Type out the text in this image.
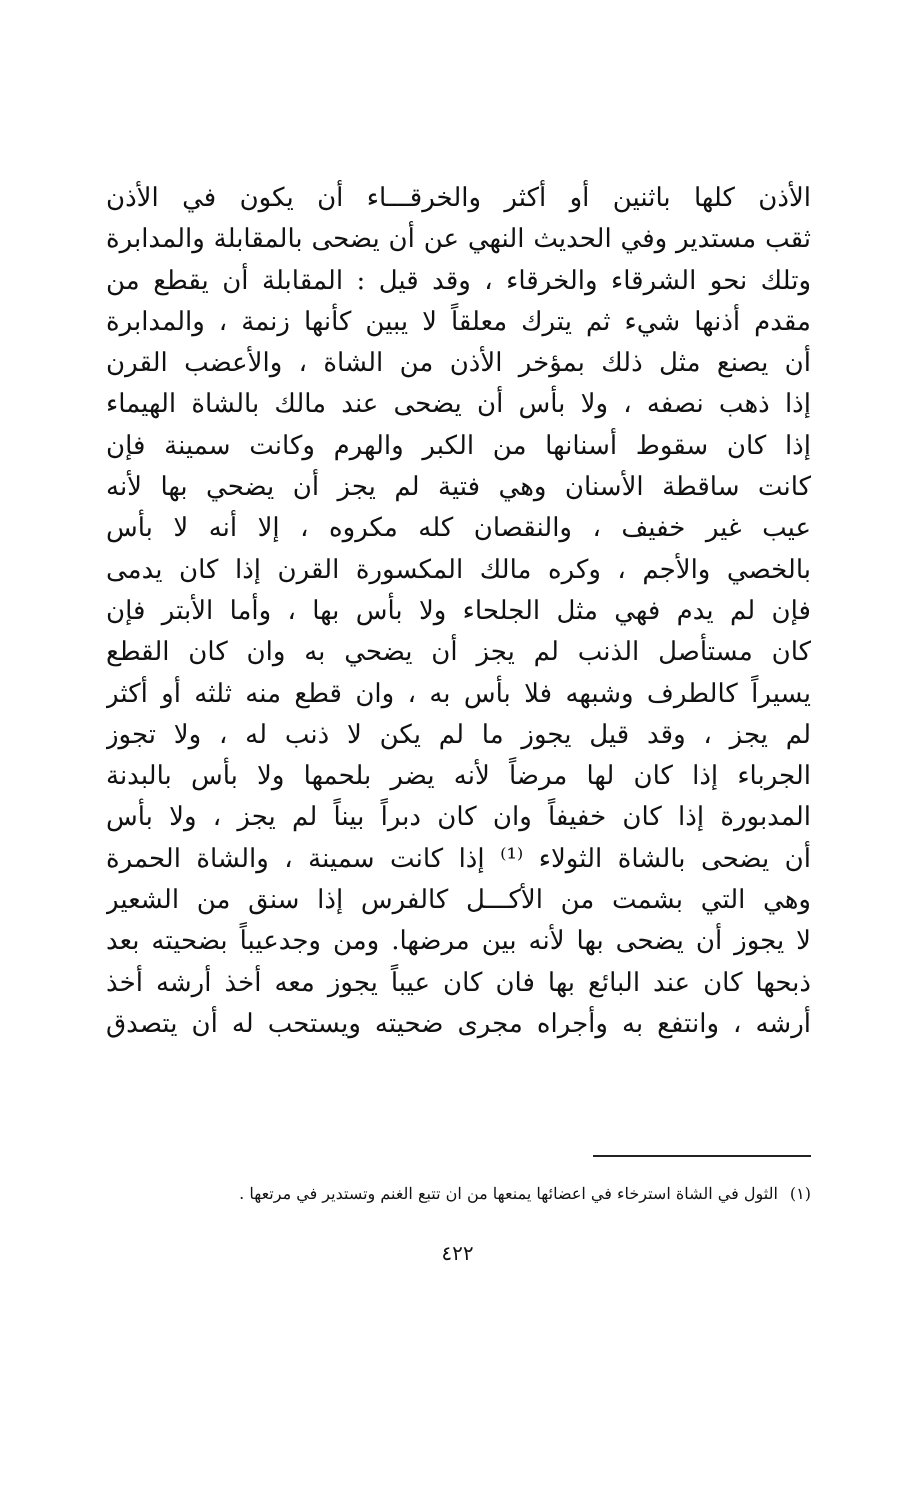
الأذن كلها باثنين أو أكثر والخرقـــاء أن يكون في الأذن
ثقب مستدير وفي الحديث النهي عن أن يضحى بالمقابلة والمدابرة
وتلك نحو الشرقاء والخرقاء ، وقد قيل : المقابلة أن يقطع من
مقدم أذنها شيء ثم يترك معلقاً لا يبين كأنها زنمة ، والمدابرة
أن يصنع مثل ذلك بمؤخر الأذن من الشاة ، والأعضب القرن
إذا ذهب نصفه ، ولا بأس أن يضحى عند مالك بالشاة الهيماء
إذا كان سقوط أسنانها من الكبر والهرم وكانت سمينة فإن
كانت ساقطة الأسنان وهي فتية لم يجز أن يضحي بها لأنه
عيب غير خفيف ، والنقصان كله مكروه ، إلا أنه لا بأس
بالخصي والأجم ، وكره مالك المكسورة القرن إذا كان يدمى
فإن لم يدم فهي مثل الجلحاء ولا بأس بها ، وأما الأبتر فإن
كان مستأصل الذنب لم يجز أن يضحي به وان كان القطع
يسيراً كالطرف وشبهه فلا بأس به ، وان قطع منه ثلثه أو أكثر
لم يجز ، وقد قيل يجوز ما لم يكن لا ذنب له ، ولا تجوز
الجرباء إذا كان لها مرضاً لأنه يضر بلحمها ولا بأس بالبدنة
المدبورة إذا كان خفيفاً وان كان دبراً بيناً لم يجز ، ولا بأس
أن يضحى بالشاة الثولاء ⁽¹⁾ إذا كانت سمينة ، والشاة الحمرة
وهي التي بشمت من الأكـــل كالفرس إذا سنق من الشعير
لا يجوز أن يضحى بها لأنه بين مرضها. ومن وجدعيباً بضحيته بعد
ذبحها كان عند البائع بها فان كان عيباً يجوز معه أخذ أرشه أخذ
أرشه ، وانتفع به وأجراه مجرى ضحيته ويستحب له أن يتصدق
(١)الثول في الشاة استرخاء في اعضائها يمنعها من ان تتبع الغنم وتستدير في مرتعها .
٤٢٢
